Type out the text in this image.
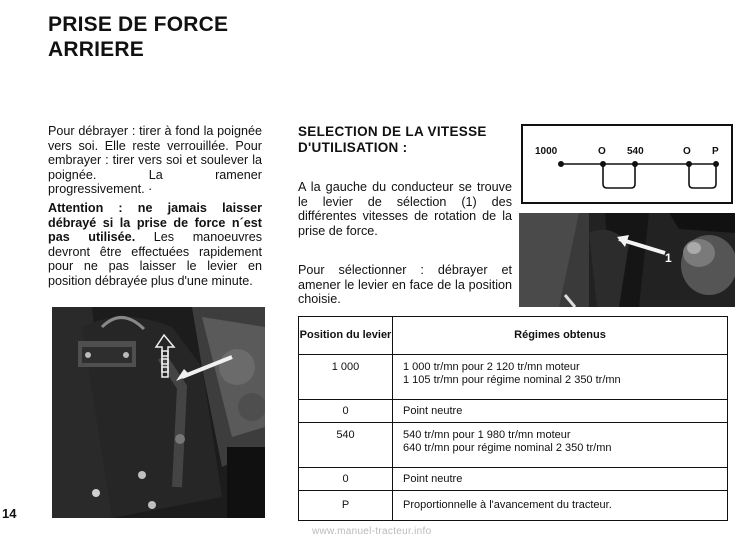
PRISE DE FORCE
ARRIERE

Pour débrayer : tirer à fond la poignée vers soi. Elle reste verrouillée. Pour embrayer : tirer vers soi et soulever la poignée. La ramener progressivement. ·

Attention : ne jamais laisser débrayé si la prise de force n´est pas utilisée. Les manoeuvres devront être effectuées rapidement pour ne pas laisser le levier en position débrayée plus d'une minute.

SELECTION DE LA VITESSE
D'UTILISATION :

A la gauche du conducteur se trouve le levier de sélection (1) des différentes vitesses de rotation de la prise de force.

Pour sélectionner : débrayer et amener le levier en face de la position choisie.

1000	O 540	O P
1
Position du levier	Régimes obtenus
1 000	1 000 tr/mn pour 2 120 tr/mn moteur
1 105 tr/mn pour régime nominal 2 350 tr/mn

0	Point neutre
540	540 tr/mn pour 1 980 tr/mn moteur
640 tr/mn pour régime nominal 2 350 tr/mn

0	Point neutre
P	Proportionnelle à l'avancement du tracteur.
14
www.manuel-tracteur.info
